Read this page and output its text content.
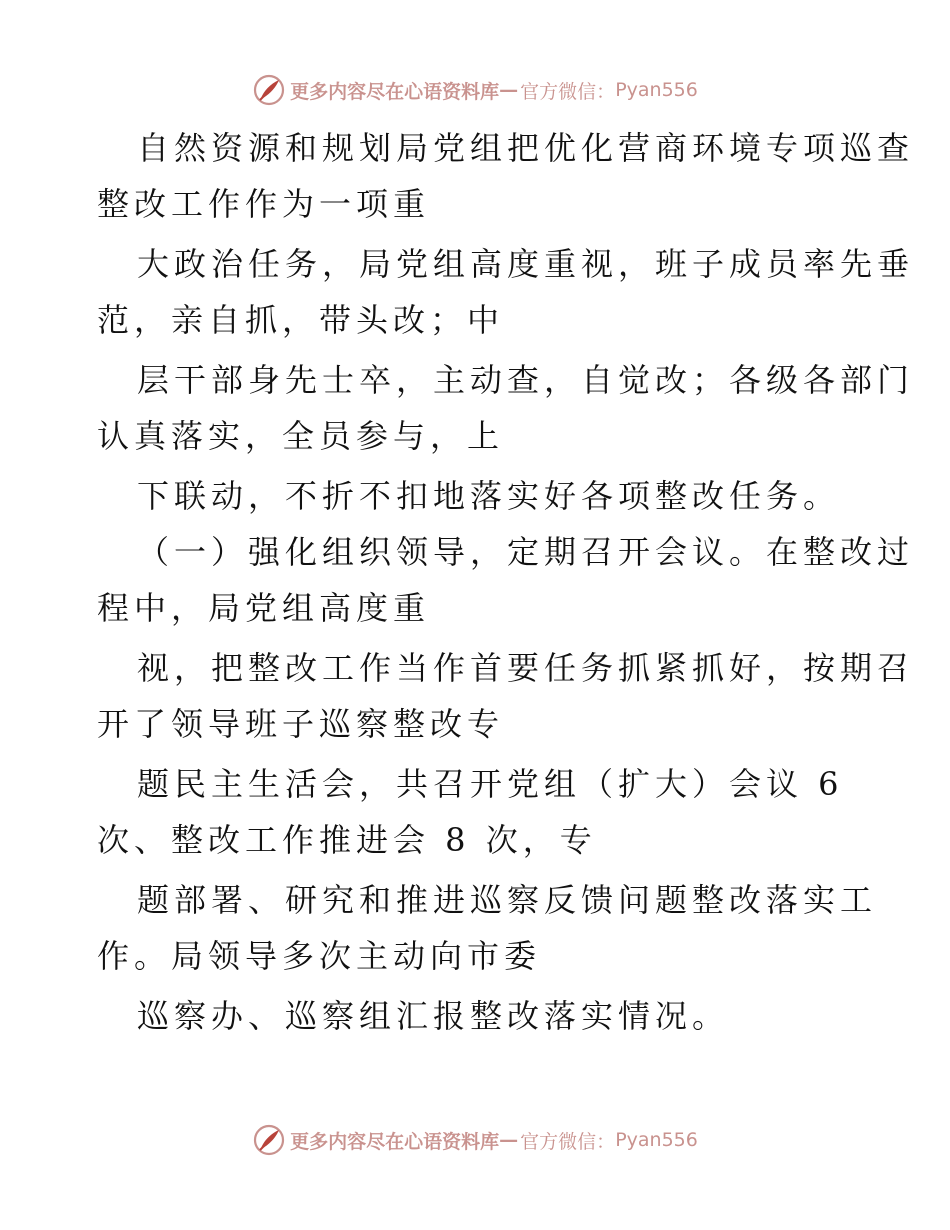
更多内容尽在心语资料库 — 官方微信： Pyan556
自然资源和规划局党组把优化营商环境专项巡查
整改工作作为一项重
大政治任务，局党组高度重视，班子成员率先垂
范，亲自抓，带头改；中
层干部身先士卒，主动查，自觉改；各级各部门
认真落实，全员参与，上
下联动，不折不扣地落实好各项整改任务。
（一）强化组织领导，定期召开会议。在整改过
程中，局党组高度重
视，把整改工作当作首要任务抓紧抓好，按期召
开了领导班子巡察整改专
题民主生活会，共召开党组（扩大）会议 6
次、整改工作推进会 8 次，专
题部署、研究和推进巡察反馈问题整改落实工
作。局领导多次主动向市委
巡察办、巡察组汇报整改落实情况。
更多内容尽在心语资料库 — 官方微信： Pyan556
